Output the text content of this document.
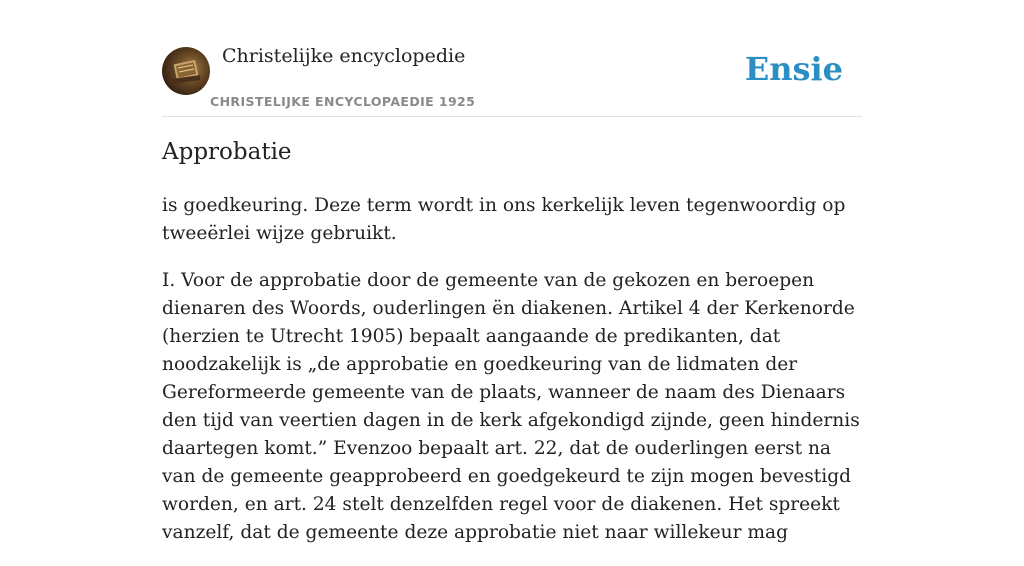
Christelijke encyclopedie
CHRISTELIJKE ENCYCLOPAEDIE 1925
Ensie
Approbatie

is goedkeuring. Deze term wordt in ons kerkelijk leven tegenwoordig op tweeërlei wijze gebruikt.

I. Voor de approbatie door de gemeente van de gekozen en beroepen dienaren des Woords, ouderlingen ën diakenen. Artikel 4 der Kerkenorde (herzien te Utrecht 1905) bepaalt aangaande de predikanten, dat noodzakelijk is „de approbatie en goedkeuring van de lidmaten der Gereformeerde gemeente van de plaats, wanneer de naam des Dienaars den tijd van veertien dagen in de kerk afgekondigd zijnde, geen hindernis daartegen komt.” Evenzoo bepaalt art. 22, dat de ouderlingen eerst na van de gemeente geapprobeerd en goedgekeurd te zijn mogen bevestigd worden, en art. 24 stelt denzelfden regel voor de diakenen. Het spreekt vanzelf, dat de gemeente deze approbatie niet naar willekeur mag
